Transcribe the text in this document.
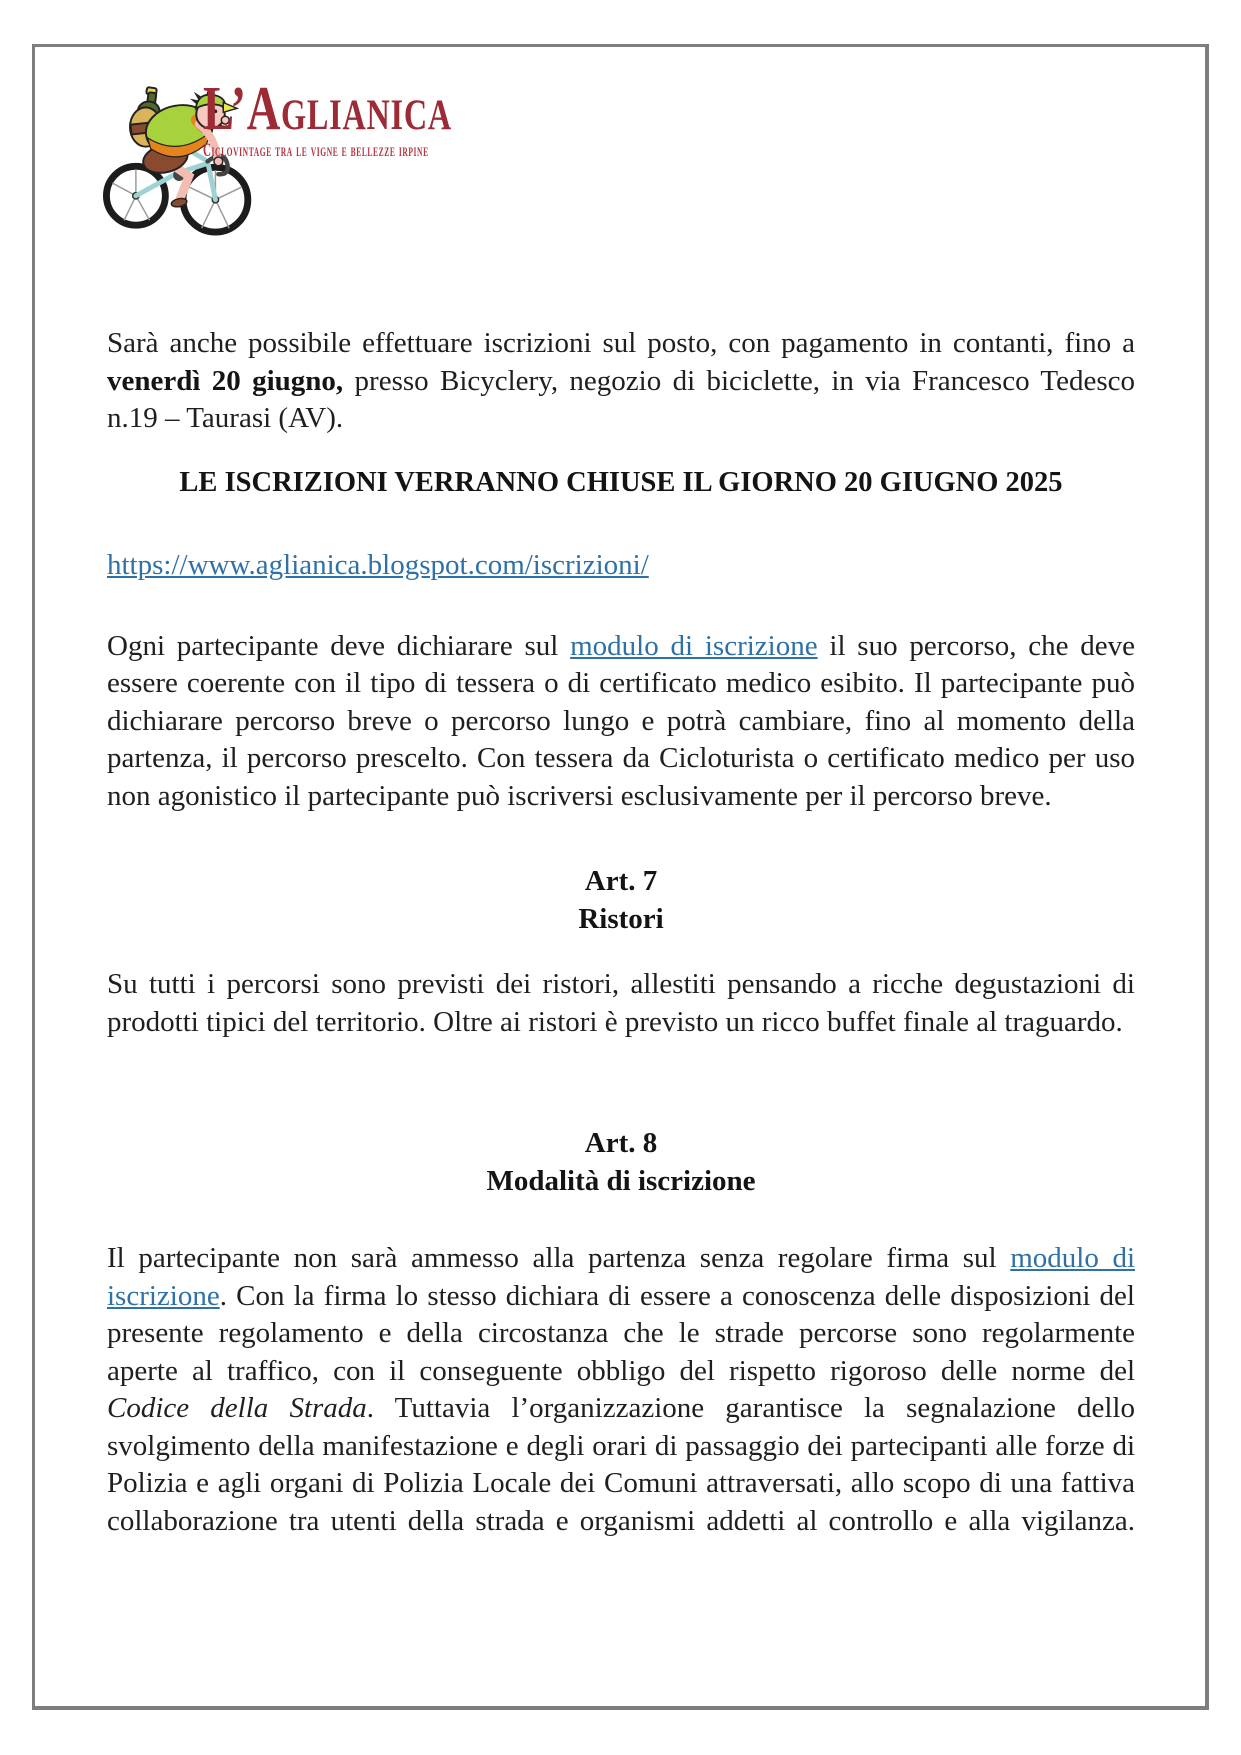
L’Aglianica
Ciclovintage tra le vigne e bellezze irpine

Sarà anche possibile effettuare iscrizioni sul posto, con pagamento in contanti, fino a venerdì 20 giugno, presso Bicyclery, negozio di biciclette, in via Francesco Tedesco n.19 – Taurasi (AV).

LE ISCRIZIONI VERRANNO CHIUSE IL GIORNO 20 GIUGNO 2025

https://www.aglianica.blogspot.com/iscrizioni/

Ogni partecipante deve dichiarare sul modulo di iscrizione il suo percorso, che deve essere coerente con il tipo di tessera o di certificato medico esibito. Il partecipante può dichiarare percorso breve o percorso lungo e potrà cambiare, fino al momento della partenza, il percorso prescelto. Con tessera da Cicloturista o certificato medico per uso non agonistico il partecipante può iscriversi esclusivamente per il percorso breve.

Art. 7
Ristori

Su tutti i percorsi sono previsti dei ristori, allestiti pensando a ricche degustazioni di prodotti tipici del territorio. Oltre ai ristori è previsto un ricco buffet finale al traguardo.

Art. 8
Modalità di iscrizione

Il partecipante non sarà ammesso alla partenza senza regolare firma sul modulo di iscrizione. Con la firma lo stesso dichiara di essere a conoscenza delle disposizioni del presente regolamento e della circostanza che le strade percorse sono regolarmente aperte al traffico, con il conseguente obbligo del rispetto rigoroso delle norme del Codice della Strada. Tuttavia l’organizzazione garantisce la segnalazione dello svolgimento della manifestazione e degli orari di passaggio dei partecipanti alle forze di Polizia e agli organi di Polizia Locale dei Comuni attraversati, allo scopo di una fattiva collaborazione tra utenti della strada e organismi addetti al controllo e alla vigilanza.
